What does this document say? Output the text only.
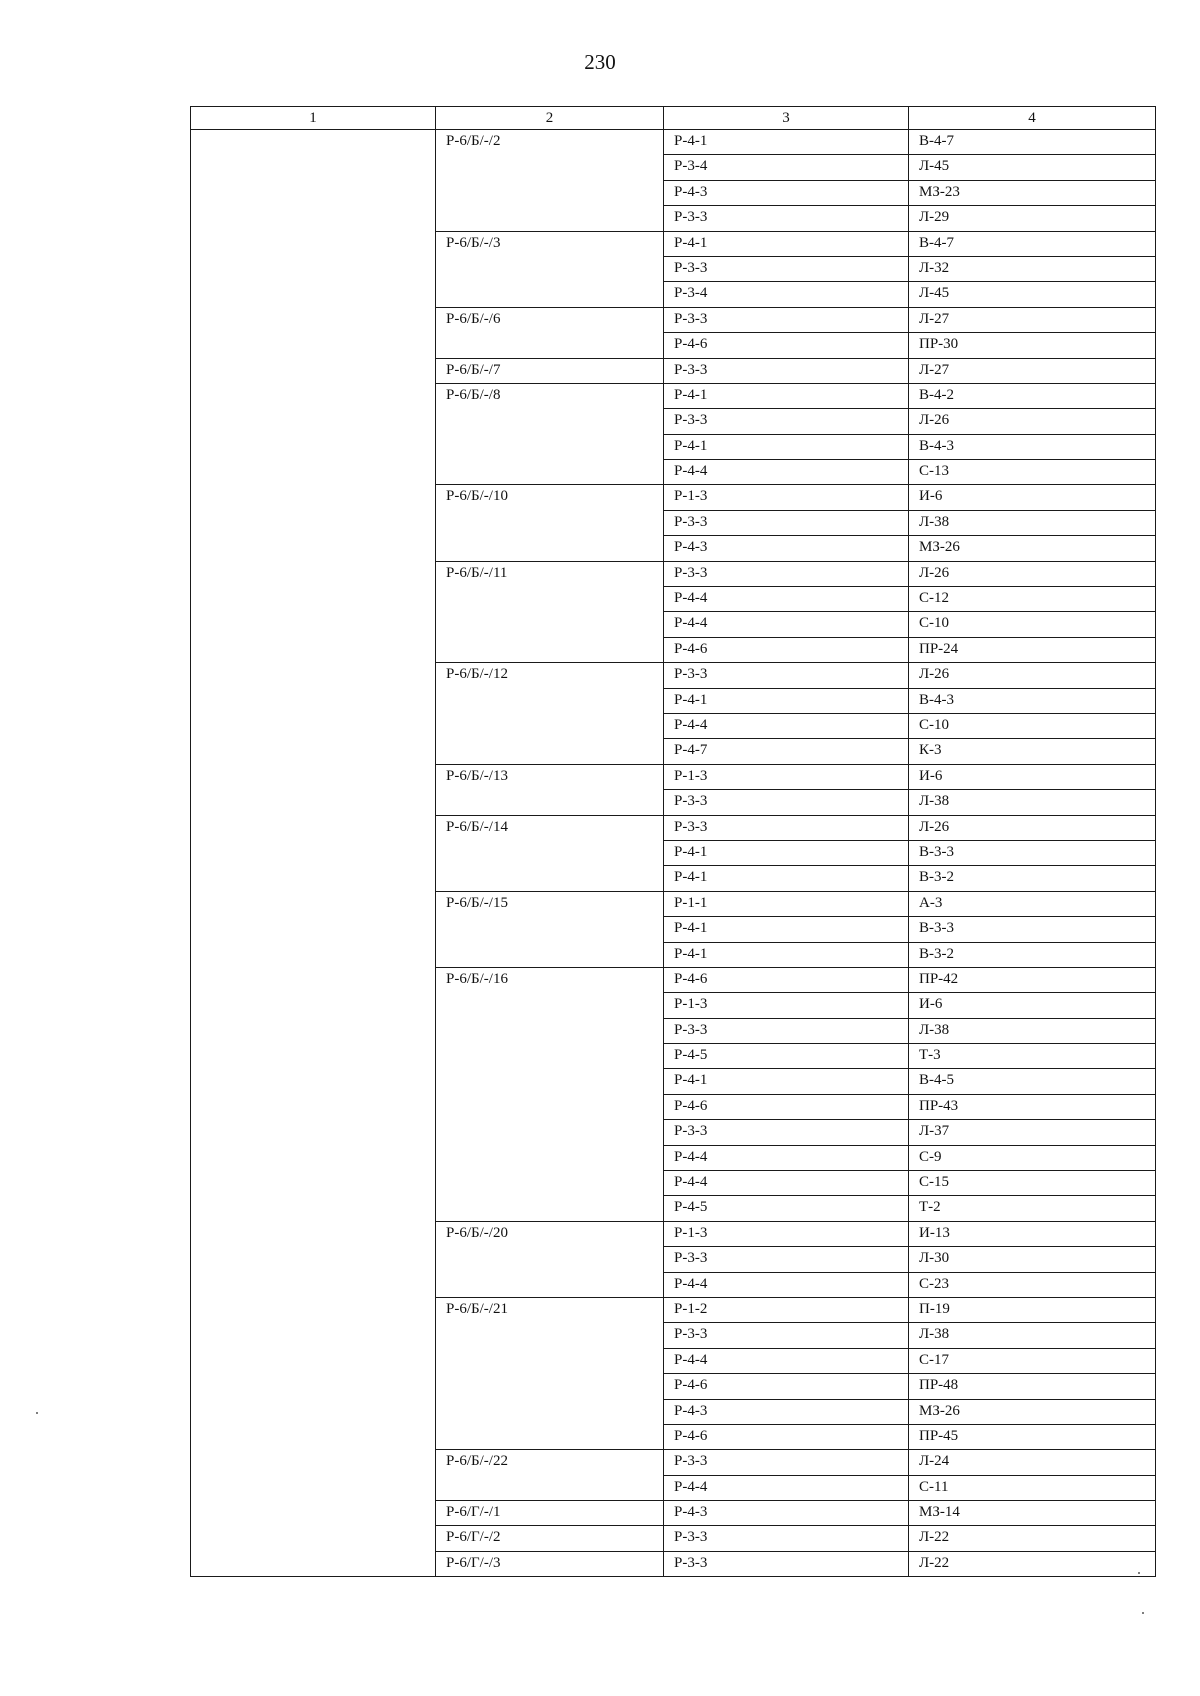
230
1	2	3	4
	Р-6/Б/-/2	Р-4-1	В-4-7
		Р-3-4	Л-45
		Р-4-3	МЗ-23
		Р-3-3	Л-29
	Р-6/Б/-/3	Р-4-1	В-4-7
		Р-3-3	Л-32
		Р-3-4	Л-45
	Р-6/Б/-/6	Р-3-3	Л-27
		Р-4-6	ПР-30
	Р-6/Б/-/7	Р-3-3	Л-27
	Р-6/Б/-/8	Р-4-1	В-4-2
		Р-3-3	Л-26
		Р-4-1	В-4-3
		Р-4-4	С-13
	Р-6/Б/-/10	Р-1-3	И-6
		Р-3-3	Л-38
		Р-4-3	МЗ-26
	Р-6/Б/-/11	Р-3-3	Л-26
		Р-4-4	С-12
		Р-4-4	С-10
		Р-4-6	ПР-24
	Р-6/Б/-/12	Р-3-3	Л-26
		Р-4-1	В-4-3
		Р-4-4	С-10
		Р-4-7	К-3
	Р-6/Б/-/13	Р-1-3	И-6
		Р-3-3	Л-38
	Р-6/Б/-/14	Р-3-3	Л-26
		Р-4-1	В-3-3
		Р-4-1	В-3-2
	Р-6/Б/-/15	Р-1-1	А-3
		Р-4-1	В-3-3
		Р-4-1	В-3-2
	Р-6/Б/-/16	Р-4-6	ПР-42
		Р-1-3	И-6
		Р-3-3	Л-38
		Р-4-5	Т-3
		Р-4-1	В-4-5
		Р-4-6	ПР-43
		Р-3-3	Л-37
		Р-4-4	С-9
		Р-4-4	С-15
		Р-4-5	Т-2
	Р-6/Б/-/20	Р-1-3	И-13
		Р-3-3	Л-30
		Р-4-4	С-23
	Р-6/Б/-/21	Р-1-2	П-19
		Р-3-3	Л-38
		Р-4-4	С-17
		Р-4-6	ПР-48
		Р-4-3	МЗ-26
		Р-4-6	ПР-45
	Р-6/Б/-/22	Р-3-3	Л-24
		Р-4-4	С-11
	Р-6/Г/-/1	Р-4-3	МЗ-14
	Р-6/Г/-/2	Р-3-3	Л-22
	Р-6/Г/-/3	Р-3-3	Л-22
